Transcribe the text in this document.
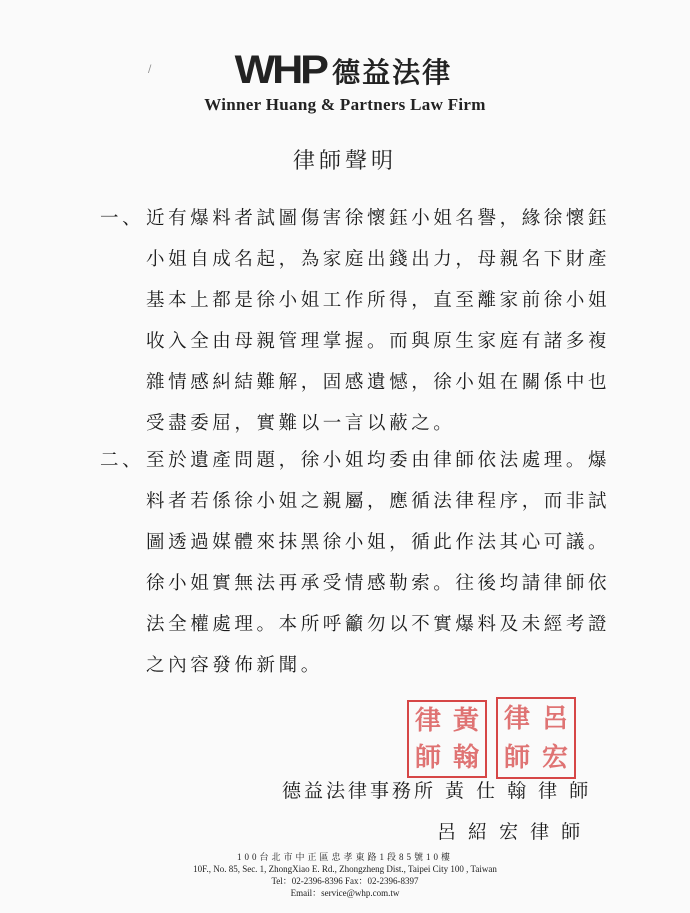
/ WHP 德益法律
Winner Huang & Partners Law Firm
律師聲明
一、近有爆料者試圖傷害徐懷鈺小姐名譽，緣徐懷鈺
小姐自成名起，為家庭出錢出力，母親名下財產
基本上都是徐小姐工作所得，直至離家前徐小姐
收入全由母親管理掌握。而與原生家庭有諸多複
雜情感糾結難解，固感遺憾，徐小姐在關係中也
受盡委屈，實難以一言以蔽之。
二、至於遺產問題，徐小姐均委由律師依法處理。爆
料者若係徐小姐之親屬，應循法律程序，而非試
圖透過媒體來抹黑徐小姐，循此作法其心可議。
徐小姐實無法再承受情感勒索。往後均請律師依
法全權處理。本所呼籲勿以不實爆料及未經考證
之內容發佈新聞。
律 黃
師 翰
律 呂
師 宏
德益法律事務所 黃 仕 翰 律 師
呂 紹 宏 律 師
100台北市中正區忠孝東路1段85號10樓
10F., No. 85, Sec. 1, ZhongXiao E. Rd., Zhongzheng Dist., Taipei City 100 , Taiwan
Tel：02-2396-8396 Fax：02-2396-8397
Email：service@whp.com.tw
